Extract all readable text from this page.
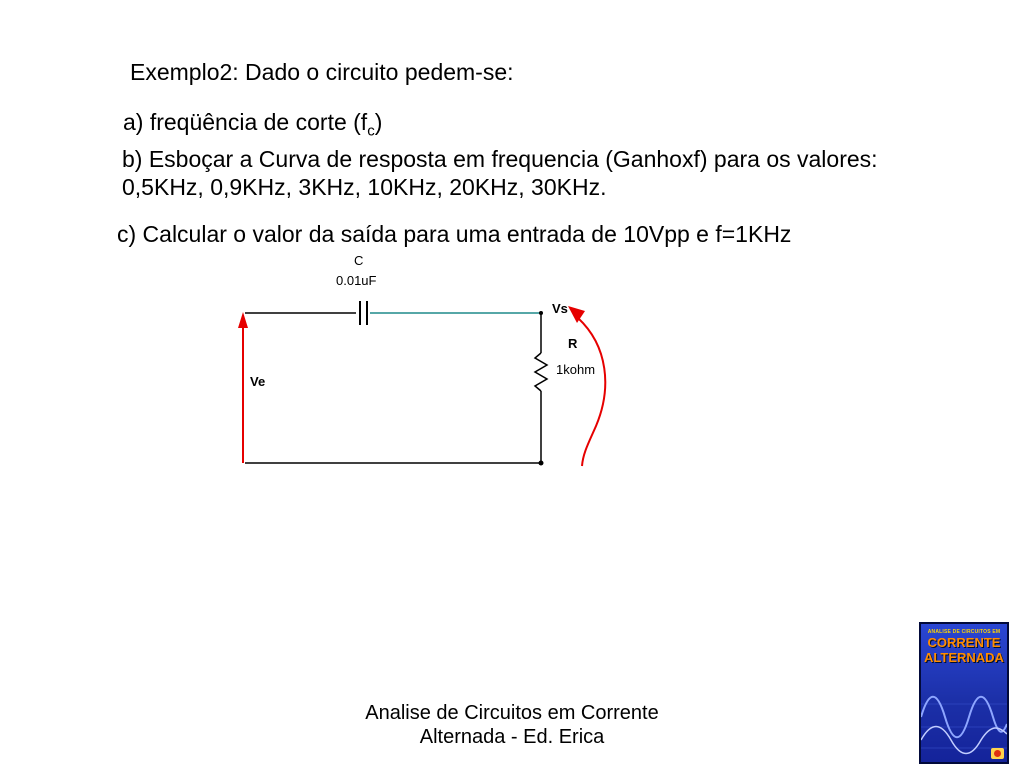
Exemplo2: Dado o circuito pedem-se:
a) freqüência de corte $(f_c)$
b) Esboçar a Curva de resposta em frequencia (Ganhoxf) para os valores: 0,5KHz, 0,9KHz, 3KHz, 10KHz, 20KHz, 30KHz.
c) Calcular o valor da saída para uma entrada de 10Vpp e f=1KHz
C
0.01uF
Vs
R
1kohm
Ve
Analise de Circuitos em Corrente
Alternada - Ed. Erica
ANALISE DE CIRCUITOS EM
CORRENTE
ALTERNADA
